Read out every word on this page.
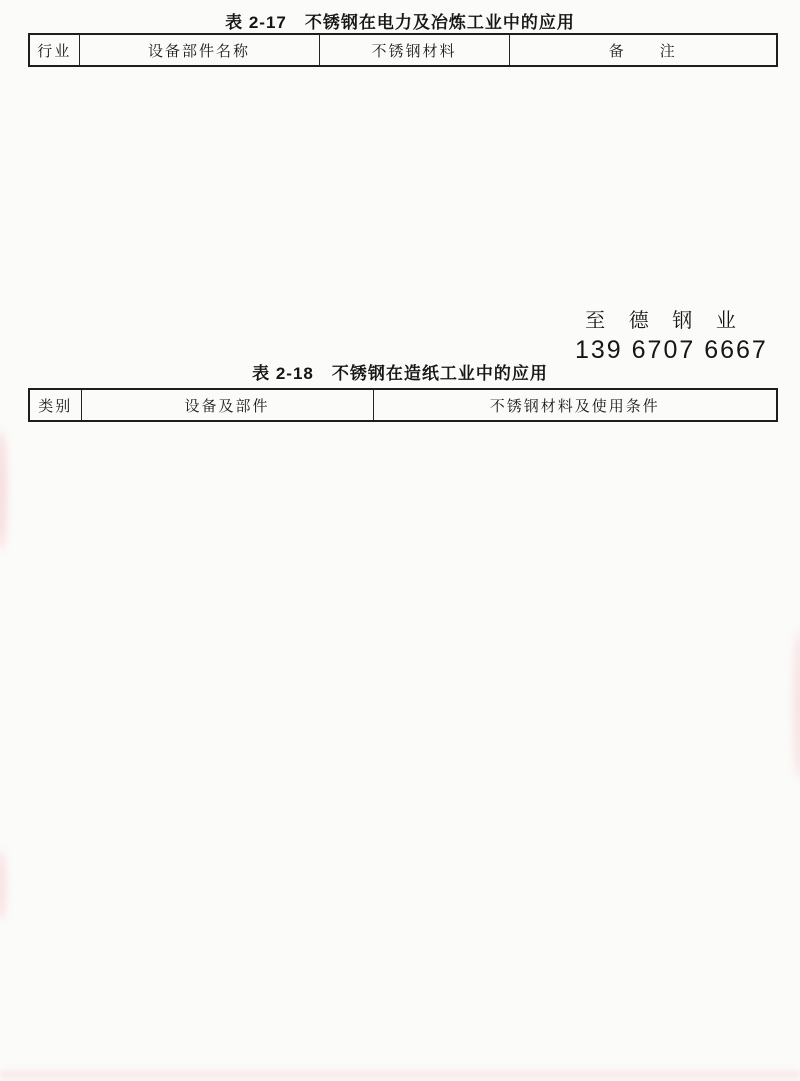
表 2-17　不锈钢在电力及冶炼工业中的应用
行业	设备部件名称	不锈钢材料	备　　注
表 2-18　不锈钢在造纸工业中的应用
类别	设备及部件	不锈钢材料及使用条件
至 德 钢 业
139 6707 6667
